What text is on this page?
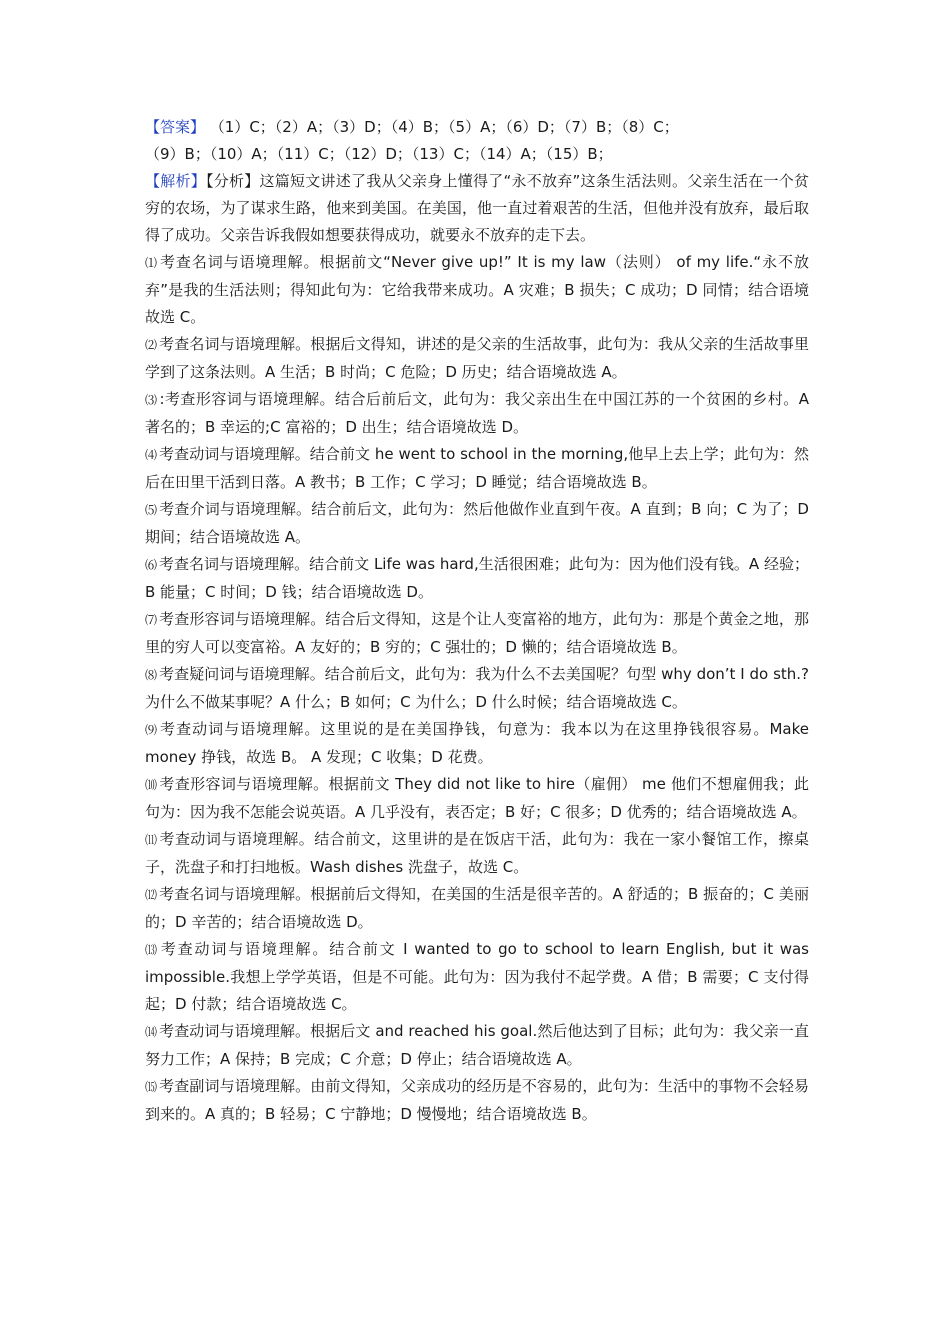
【答案】 （1）C；（2）A；（3）D；（4）B；（5）A；（6）D；（7）B；（8）C；

（9）B；（10）A；（11）C；（12）D；（13）C；（14）A；（15）B；

【解析】【分析】这篇短文讲述了我从父亲身上懂得了“永不放弃”这条生活法则。父亲生活在一个贫穷的农场，为了谋求生路，他来到美国。在美国，他一直过着艰苦的生活，但他并没有放弃，最后取得了成功。父亲告诉我假如想要获得成功，就要永不放弃的走下去。

⑴ 考查名词与语境理解。根据前文“Never give up!” It is my law（法则） of my life.“永不放弃”是我的生活法则；得知此句为：它给我带来成功。A 灾难；B 损失；C 成功；D 同情；结合语境故选 C。

⑵ 考查名词与语境理解。根据后文得知，讲述的是父亲的生活故事，此句为：我从父亲的生活故事里学到了这条法则。A 生活；B 时尚；C 危险；D 历史；结合语境故选 A。

⑶ :考查形容词与语境理解。结合后前后文，此句为：我父亲出生在中国江苏的一个贫困的乡村。A 著名的；B 幸运的;C 富裕的；D 出生；结合语境故选 D。

⑷ 考查动词与语境理解。结合前文 he went to school in the morning,他早上去上学；此句为：然后在田里干活到日落。A 教书；B 工作；C 学习；D 睡觉；结合语境故选 B。

⑸ 考查介词与语境理解。结合前后文，此句为：然后他做作业直到午夜。A 直到；B 向；C 为了；D 期间；结合语境故选 A。

⑹ 考查名词与语境理解。结合前文 Life was hard,生活很困难；此句为：因为他们没有钱。A 经验；B 能量；C 时间；D 钱；结合语境故选 D。

⑺ 考查形容词与语境理解。结合后文得知，这是个让人变富裕的地方，此句为：那是个黄金之地，那里的穷人可以变富裕。A 友好的；B 穷的；C 强壮的；D 懒的；结合语境故选 B。

⑻ 考查疑问词与语境理解。结合前后文，此句为：我为什么不去美国呢？句型 why don’t I do sth.?为什么不做某事呢？A 什么；B 如何；C 为什么；D 什么时候；结合语境故选 C。

⑼ 考查动词与语境理解。这里说的是在美国挣钱，句意为：我本以为在这里挣钱很容易。Make money 挣钱，故选 B。 A 发现；C 收集；D 花费。

⑽ 考查形容词与语境理解。根据前文 They did not like to hire（雇佣） me 他们不想雇佣我；此句为：因为我不怎能会说英语。A 几乎没有，表否定；B 好；C 很多；D 优秀的；结合语境故选 A。

⑾ 考查动词与语境理解。结合前文，这里讲的是在饭店干活，此句为：我在一家小餐馆工作，擦桌子，洗盘子和打扫地板。Wash dishes 洗盘子，故选 C。

⑿ 考查名词与语境理解。根据前后文得知，在美国的生活是很辛苦的。A 舒适的；B 振奋的；C 美丽的；D 辛苦的；结合语境故选 D。

⒀ 考查动词与语境理解。结合前文 I wanted to go to school to learn English, but it was impossible.我想上学学英语，但是不可能。此句为：因为我付不起学费。A 借；B 需要；C 支付得起；D 付款；结合语境故选 C。

⒁ 考查动词与语境理解。根据后文 and reached his goal.然后他达到了目标；此句为：我父亲一直努力工作；A 保持；B 完成；C 介意；D 停止；结合语境故选 A。

⒂ 考查副词与语境理解。由前文得知，父亲成功的经历是不容易的，此句为：生活中的事物不会轻易到来的。A 真的；B 轻易；C 宁静地；D 慢慢地；结合语境故选 B。
